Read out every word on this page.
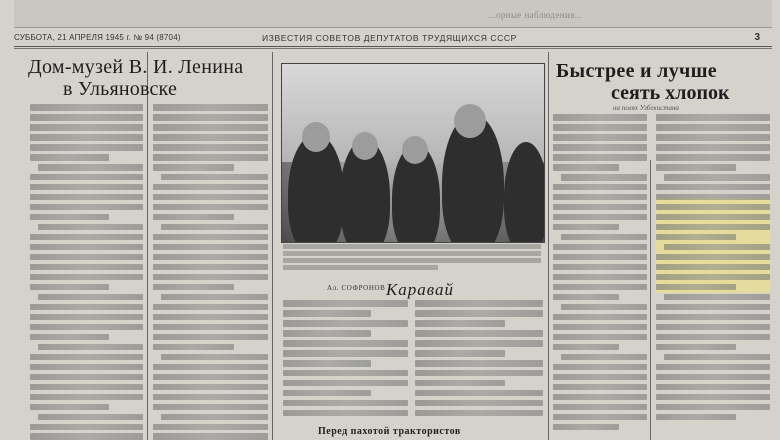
...орные наблюдения...
СУББОТА, 21 АПРЕЛЯ 1945 г. № 94 (8704)	ИЗВЕСТИЯ СОВЕТОВ ДЕПУТАТОВ ТРУДЯЩИХСЯ СССР	3
Дом-музей В. И. Ленина
в Ульяновске
Ал. СОФРОНОВ Каравай
Перед пахотой трактористов
Быстрее и лучше
сеять хлопок
на полях Узбекистана
